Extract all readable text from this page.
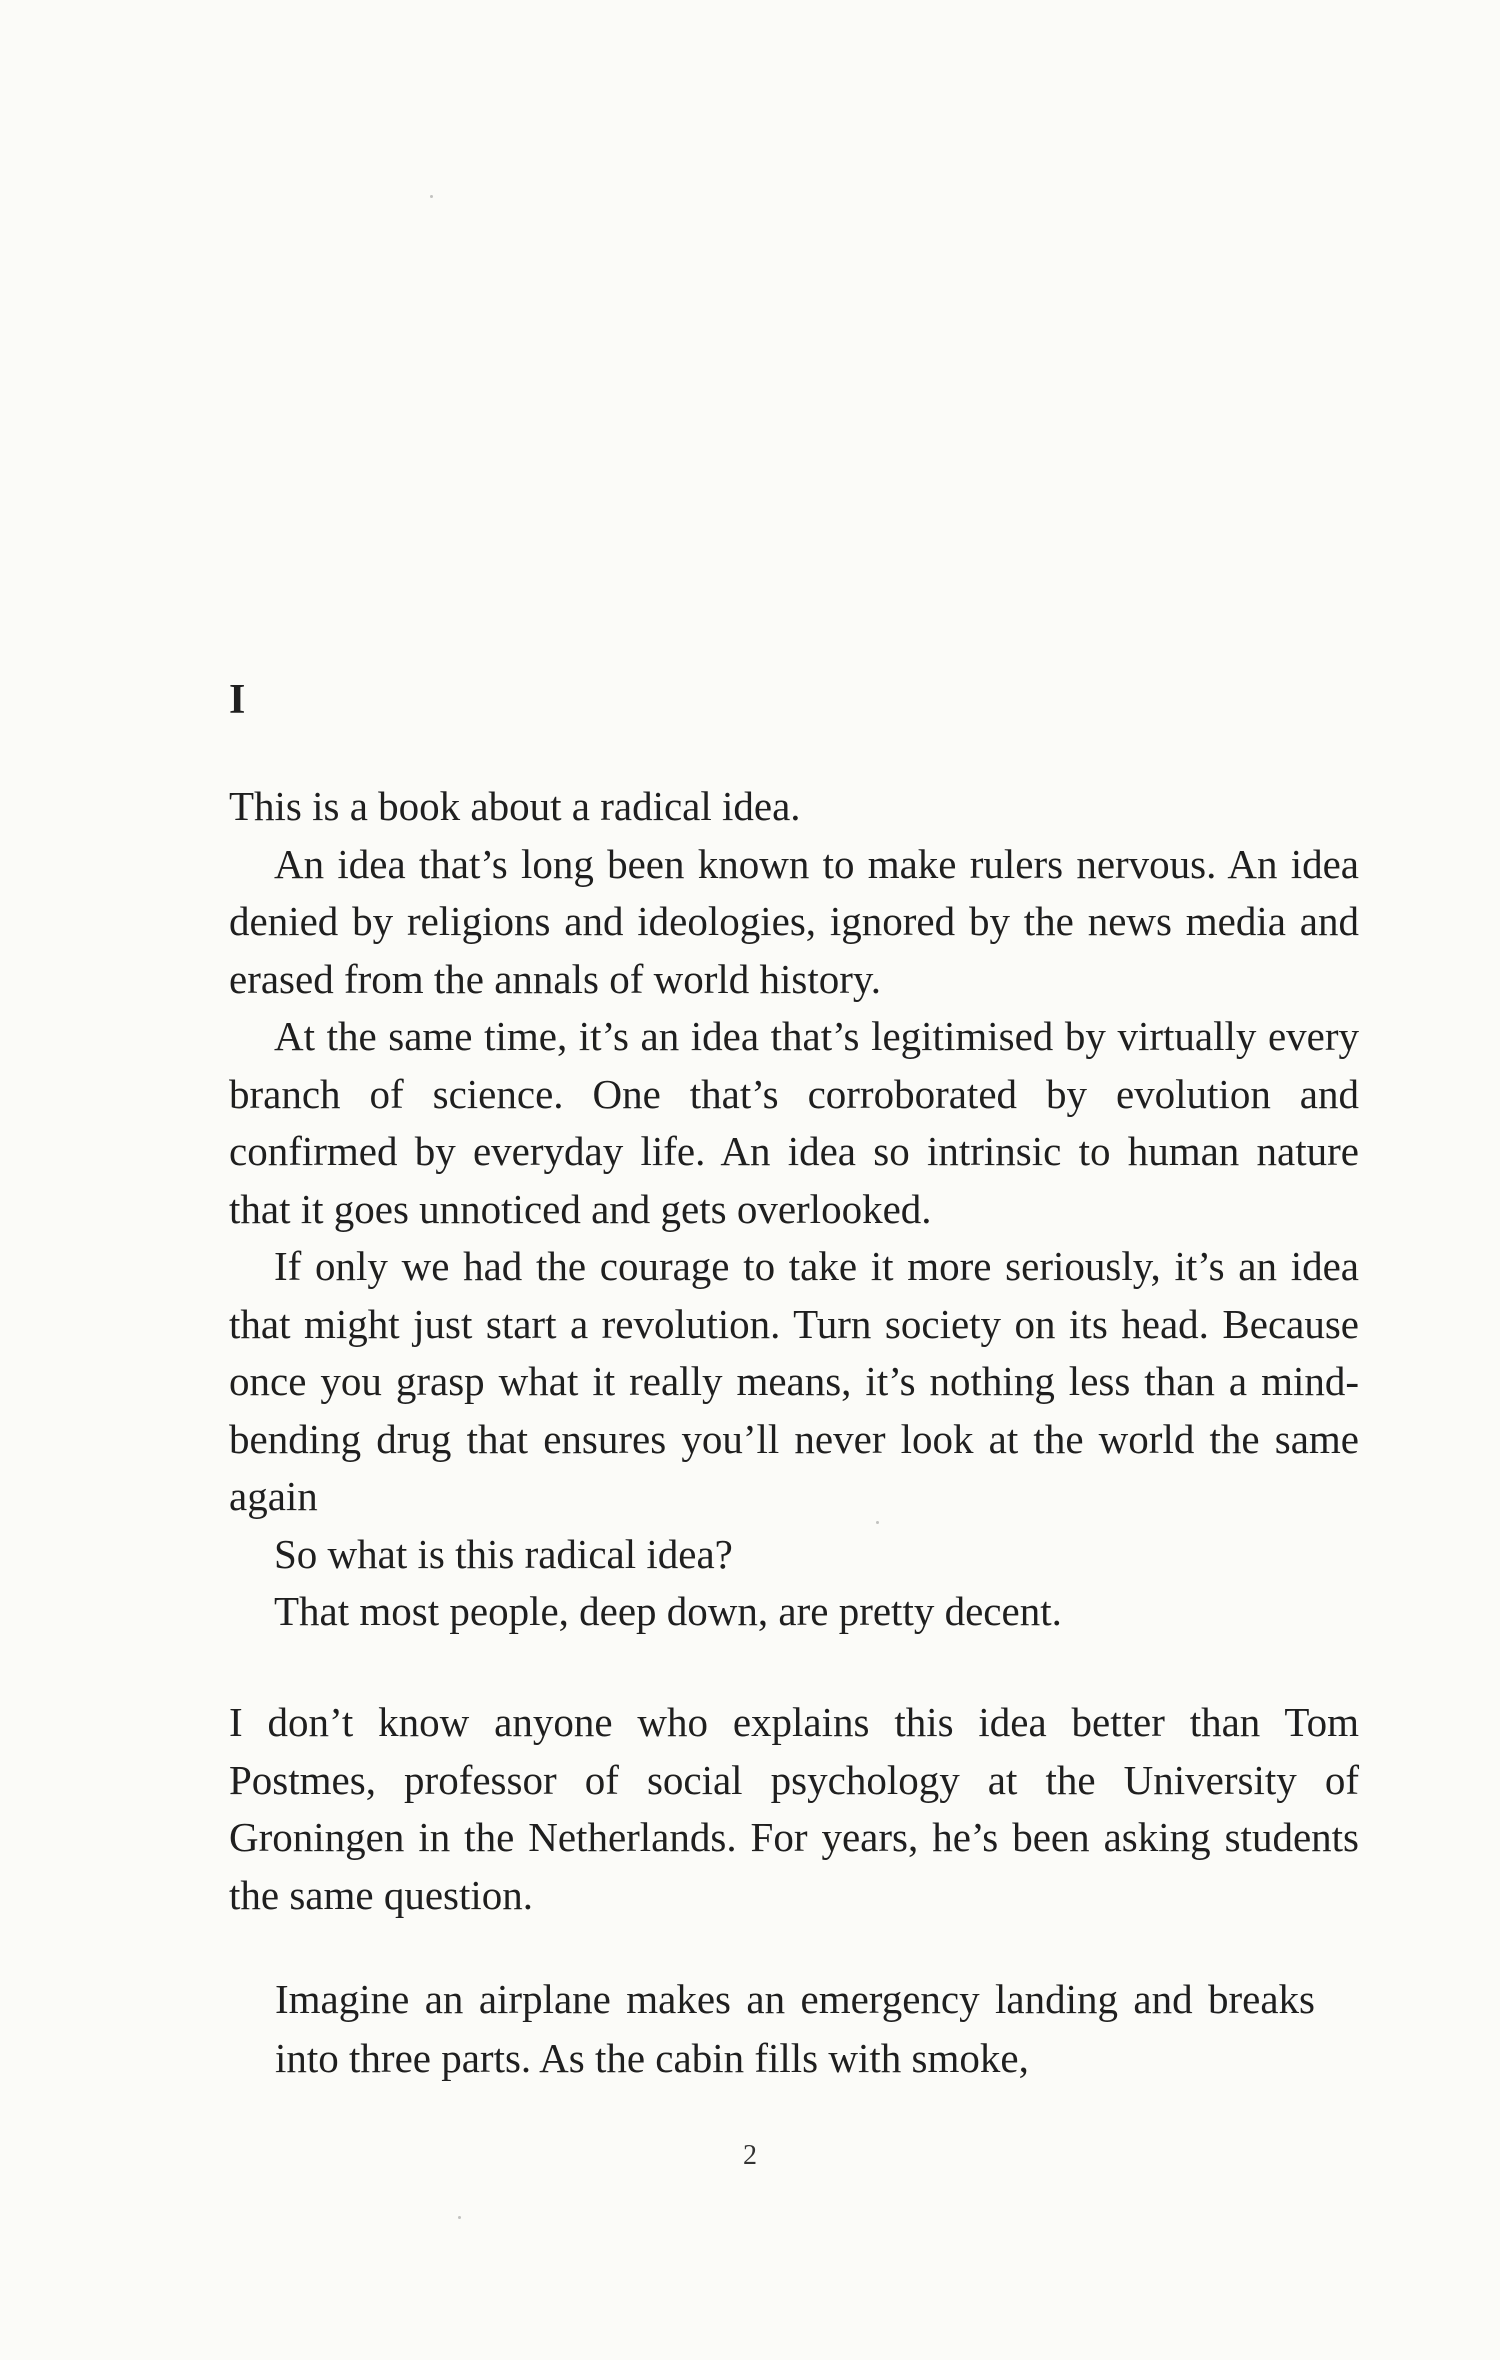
I

This is a book about a radical idea.

An idea that’s long been known to make rulers nervous. An idea denied by religions and ideologies, ignored by the news media and erased from the annals of world history.

At the same time, it’s an idea that’s legitimised by virtually every branch of science. One that’s corroborated by evolution and confirmed by everyday life. An idea so intrinsic to human nature that it goes unnoticed and gets overlooked.

If only we had the courage to take it more seriously, it’s an idea that might just start a revolution. Turn society on its head. Because once you grasp what it really means, it’s nothing less than a mind-bending drug that ensures you’ll never look at the world the same again

So what is this radical idea?

That most people, deep down, are pretty decent.

I don’t know anyone who explains this idea better than Tom Postmes, professor of social psychology at the University of Groningen in the Netherlands. For years, he’s been asking students the same question.

Imagine an airplane makes an emergency landing and breaks into three parts. As the cabin fills with smoke,

2
